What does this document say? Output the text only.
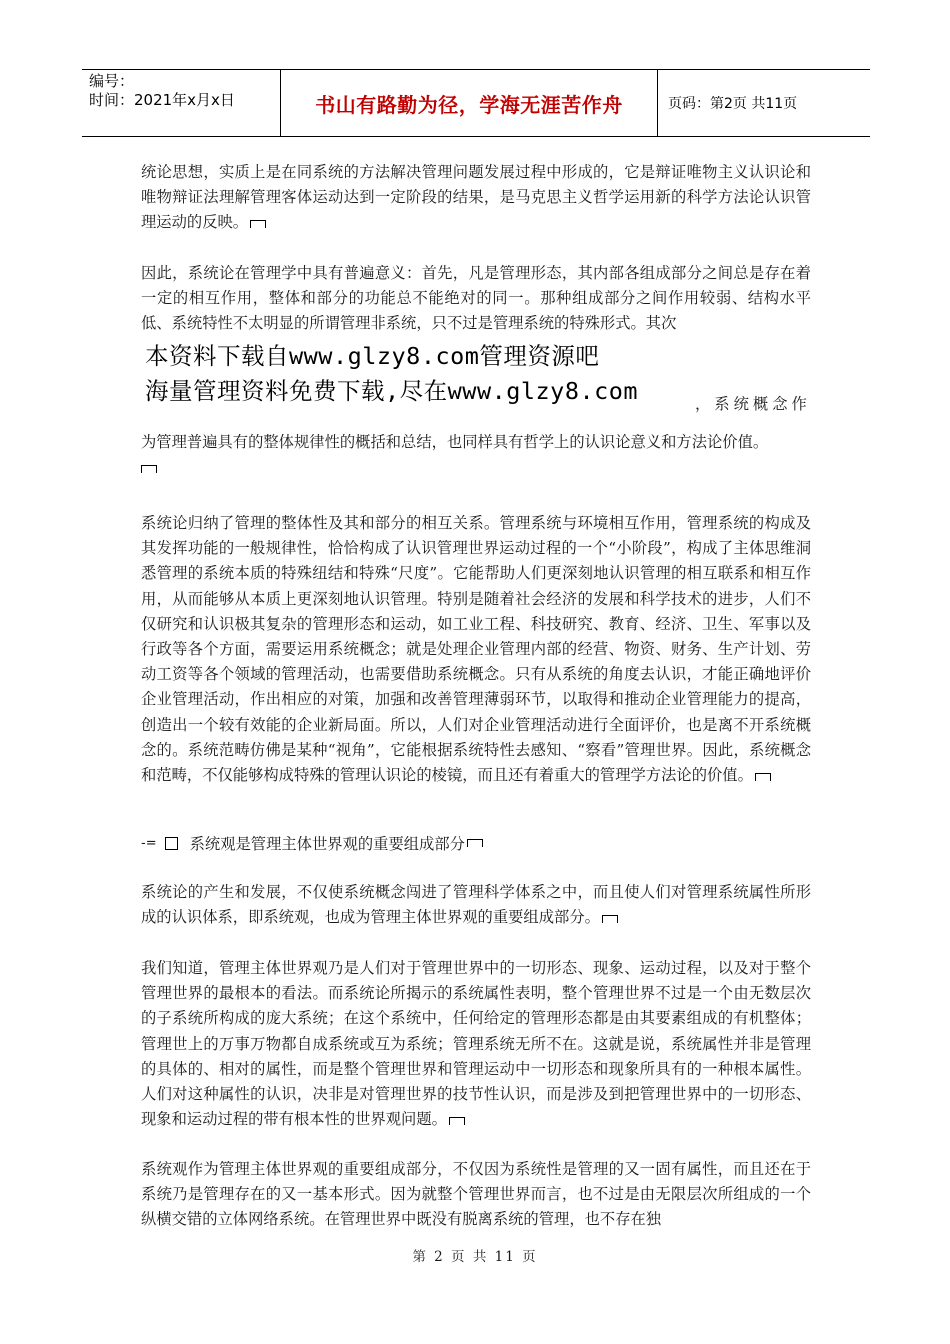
编号：
时间：2021年x月x日	书山有路勤为径，学海无涯苦作舟	页码：第2页 共11页

统论思想，实质上是在同系统的方法解决管理问题发展过程中形成的，它是辩证唯物主义认识论和唯物辩证法理解管理客体运动达到一定阶段的结果，是马克思主义哲学运用新的科学方法论认识管理运动的反映。

因此，系统论在管理学中具有普遍意义：首先，凡是管理形态，其内部各组成部分之间总是存在着一定的相互作用，整体和部分的功能总不能绝对的同一。那种组成部分之间作用较弱、结构水平低、系统特性不太明显的所谓管理非系统，只不过是管理系统的特殊形式。其次

本资料下载自www.glzy8.com管理资源吧
海量管理资料免费下载,尽在www.glzy8.com	，系统概念作

为管理普遍具有的整体规律性的概括和总结，也同样具有哲学上的认识论意义和方法论价值。

系统论归纳了管理的整体性及其和部分的相互关系。管理系统与环境相互作用，管理系统的构成及其发挥功能的一般规律性，恰恰构成了认识管理世界运动过程的一个“小阶段”，构成了主体思维洞悉管理的系统本质的特殊纽结和特殊“尺度”。它能帮助人们更深刻地认识管理的相互联系和相互作用，从而能够从本质上更深刻地认识管理。特别是随着社会经济的发展和科学技术的进步，人们不仅研究和认识极其复杂的管理形态和运动，如工业工程、科技研究、教育、经济、卫生、军事以及行政等各个方面，需要运用系统概念；就是处理企业管理内部的经营、物资、财务、生产计划、劳动工资等各个领域的管理活动，也需要借助系统概念。只有从系统的角度去认识，才能正确地评价企业管理活动，作出相应的对策，加强和改善管理薄弱环节，以取得和推动企业管理能力的提高，创造出一个较有效能的企业新局面。所以，人们对企业管理活动进行全面评价，也是离不开系统概念的。系统范畴仿佛是某种“视角”，它能根据系统特性去感知、“察看”管理世界。因此，系统概念和范畴，不仅能够构成特殊的管理认识论的棱镜，而且还有着重大的管理学方法论的价值。

-= 系统观是管理主体世界观的重要组成部分

系统论的产生和发展，不仅使系统概念闯进了管理科学体系之中，而且使人们对管理系统属性所形成的认识体系，即系统观，也成为管理主体世界观的重要组成部分。

我们知道，管理主体世界观乃是人们对于管理世界中的一切形态、现象、运动过程，以及对于整个管理世界的最根本的看法。而系统论所揭示的系统属性表明，整个管理世界不过是一个由无数层次的子系统所构成的庞大系统；在这个系统中，任何给定的管理形态都是由其要素组成的有机整体；管理世上的万事万物都自成系统或互为系统；管理系统无所不在。这就是说，系统属性并非是管理的具体的、相对的属性，而是整个管理世界和管理运动中一切形态和现象所具有的一种根本属性。人们对这种属性的认识，决非是对管理世界的技节性认识，而是涉及到把管理世界中的一切形态、现象和运动过程的带有根本性的世界观问题。

系统观作为管理主体世界观的重要组成部分，不仅因为系统性是管理的又一固有属性，而且还在于系统乃是管理存在的又一基本形式。因为就整个管理世界而言，也不过是由无限层次所组成的一个纵横交错的立体网络系统。在管理世界中既没有脱离系统的管理，也不存在独

第 2 页 共 11 页
